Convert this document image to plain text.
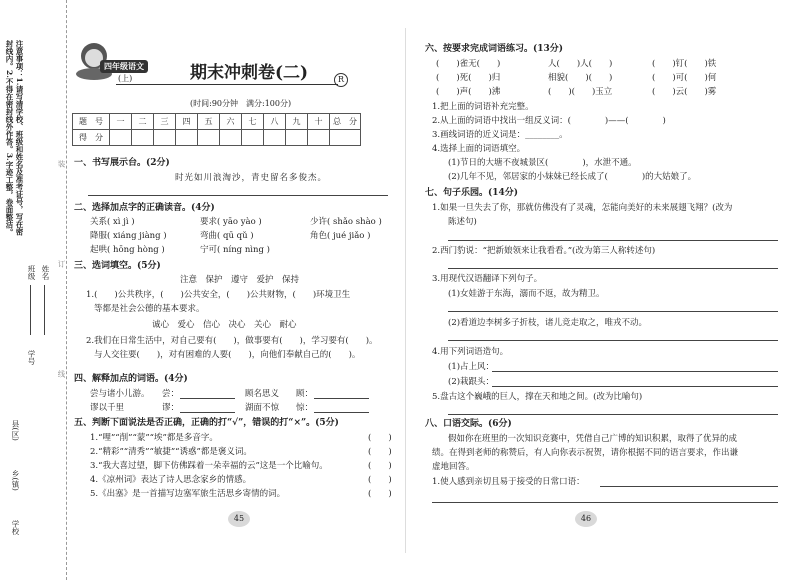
注意事项：1.请写清学校、班级和姓名及准考证号，写在密封线内。2.不得在密封线外作答。3.字迹工整，卷面整洁。
班级 姓名
学号
县(区)
乡(镇)
学校
装
订
线
四年级语文
(上)	期末冲刺卷(二)	R
(时间:90分钟　满分:100分)
题　号	一	二	三	四	五	六	七	八	九	十	总　分
得　分											
一、书写展示台。(2分)
时光如川浪淘沙，青史留名多俊杰。
二、选择加点字的正确读音。(4分)
关系( xì jì )	要求( yāo yào )	少许( shǎo shào )
降服( xiáng jiàng )	弯曲( qū qǔ )	角色( jué jiǎo )
起哄( hōng hòng )	宁可( níng nìng )
三、选词填空。(5分)
注意　保护　遵守　爱护　保持
1.(　　)公共秩序，(　　)公共安全，(　　)公共财物，(　　)环境卫生
等都是社会公德的基本要求。
诚心　爱心　信心　决心　关心　耐心
2.我们在日常生活中，对自己要有(　　)，做事要有(　　)，学习要有(　　)。
与人交往要(　　)，对有困难的人要(　　)，向他们奉献自己的(　　)。
四、解释加点的词语。(4分)
尝与诸小儿游。 尝：	顾名思义 顾：
谬以千里	谬：	湖面不惊 惊：
五、判断下面说法是否正确，正确的打“√”，错误的打“×”。(5分)
1.“哩”“削”“蒙”“埃”都是多音字。	(　　)
2.“精彩”“清秀”“敏捷”“诱惑”都是褒义词。	(　　)
3.“我大喜过望，脚下仿佛踩着一朵幸福的云”这是一个比喻句。	(　　)
4.《凉州词》表达了诗人思念家乡的情感。	(　　)
5.《出塞》是一首描写边塞军旅生活思乡寄情的词。	(　　)
45
六、按要求完成词语练习。(13分)
(　　)雀无(　　)	人(　　)人(　　)	(　　)钉(　　)铁
(　　)死(　　)归	相貌(　　)(　　)	(　　)可(　　)何
(　　)声(　　)沸	(　　)(　　)玉立	(　　)云(　　)雾
1.把上面的词语补充完整。
2.从上面的词语中找出一组反义词：(　　　　)——(　　　　)
3.画线词语的近义词是：________。
4.选择上面的词语填空。
(1)节日的大塘不夜城景区(　　　　)，水泄不通。
(2)几年不见，邻居家的小妹妹已经长成了(　　　　)的大姑娘了。
七、句子乐园。(14分)
1.如果一旦失去了你，那就仿佛没有了灵魂，怎能向美好的未来展翅飞翔？(改为
陈述句)
2.西门豹说：“把新娘领来让我看看。”(改为第三人称转述句)
3.用现代汉语翻译下列句子。
(1)女娃游于东海，溺而不返，故为精卫。
(2)看道边李树多子折枝，诸儿竞走取之，唯戎不动。
4.用下列词语造句。
(1)占上风：
(2)栽跟头：
5.盘古这个巍峨的巨人，撑在天和地之间。(改为比喻句)
八、口语交际。(6分)
假如你在班里的一次知识竞赛中，凭借自己广博的知识积累，取得了优异的成
绩。在得到老师的称赞后，有人向你表示祝贺，请你根据不同的语言要求，作出谦
虚地回答。
1.使人感到亲切且易于接受的日常口语：
46
